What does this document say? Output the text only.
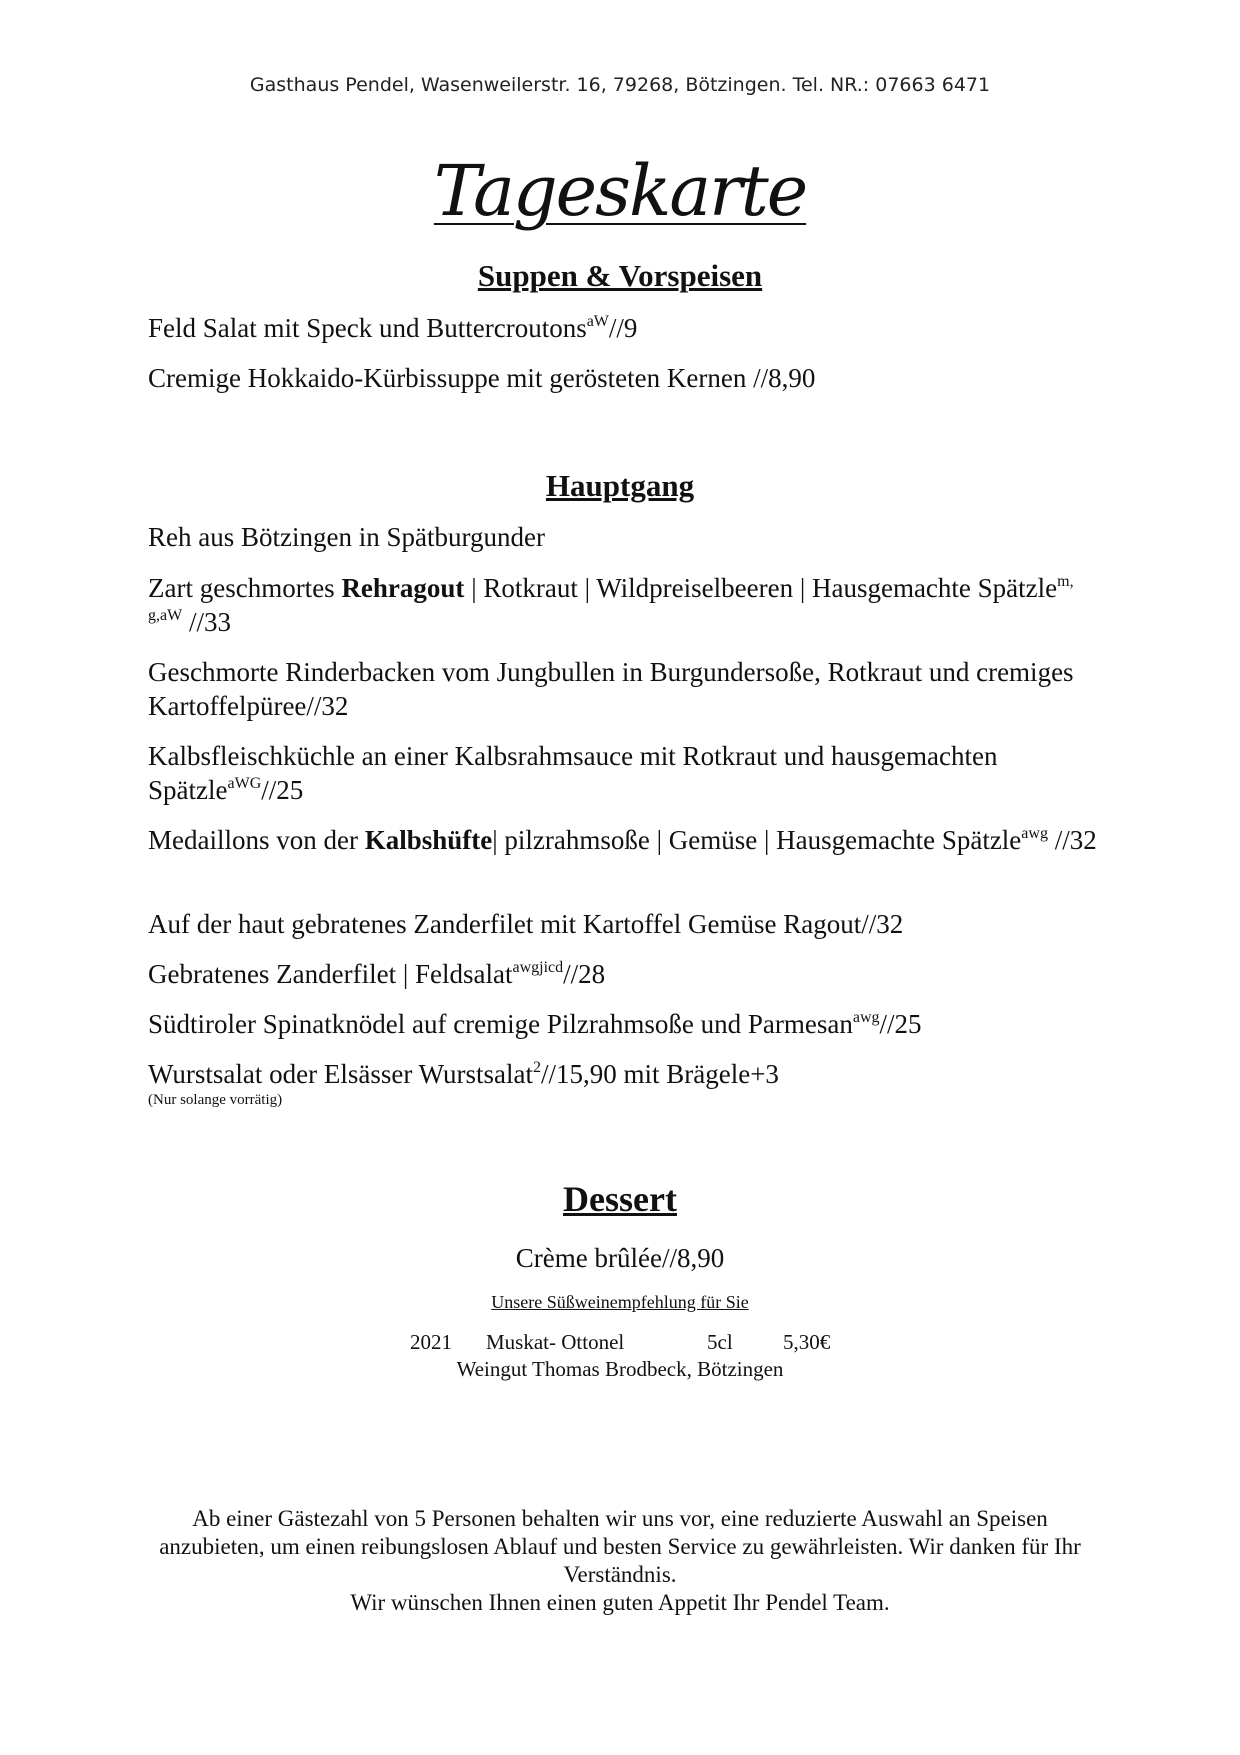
Gasthaus Pendel, Wasenweilerstr. 16, 79268, Bötzingen. Tel. NR.: 07663 6471
Tageskarte
Suppen & Vorspeisen
Feld Salat mit Speck und Buttercroutons$^{aW}$//9
Cremige Hokkaido-Kürbissuppe mit gerösteten Kernen //8,90
Hauptgang
Reh aus Bötzingen in Spätburgunder
Zart geschmortes Rehragout | Rotkraut | Wildpreiselbeeren | Hausgemachte Spätzle$^{m, g,aW}$ //33
Geschmorte Rinderbacken vom Jungbullen in Burgundersoße, Rotkraut und cremiges Kartoffelpüree//32
Kalbsfleischküchle an einer Kalbsrahmsauce mit Rotkraut und hausgemachten Spätzle$^{aWG}$//25
Medaillons von der Kalbshüfte| pilzrahmsoße | Gemüse | Hausgemachte Spätzle$^{awg}$ //32
Auf der haut gebratenes Zanderfilet mit Kartoffel Gemüse Ragout//32
Gebratenes Zanderfilet | Feldsalat$^{awgjicd}$//28
Südtiroler Spinatknödel auf cremige Pilzrahmsoße und Parmesan$^{awg}$//25
Wurstsalat oder Elsässer Wurstsalat$^2$//15,90 mit Brägele+3
(Nur solange vorrätig)
Dessert
Crème brûlée//8,90
Unsere Süßweinempfehlung für Sie
2021 Muskat- Ottonel	5cl 5,30€
Weingut Thomas Brodbeck, Bötzingen
Ab einer Gästezahl von 5 Personen behalten wir uns vor, eine reduzierte Auswahl an Speisen anzubieten, um einen reibungslosen Ablauf und besten Service zu gewährleisten. Wir danken für Ihr Verständnis.
Wir wünschen Ihnen einen guten Appetit Ihr Pendel Team.
